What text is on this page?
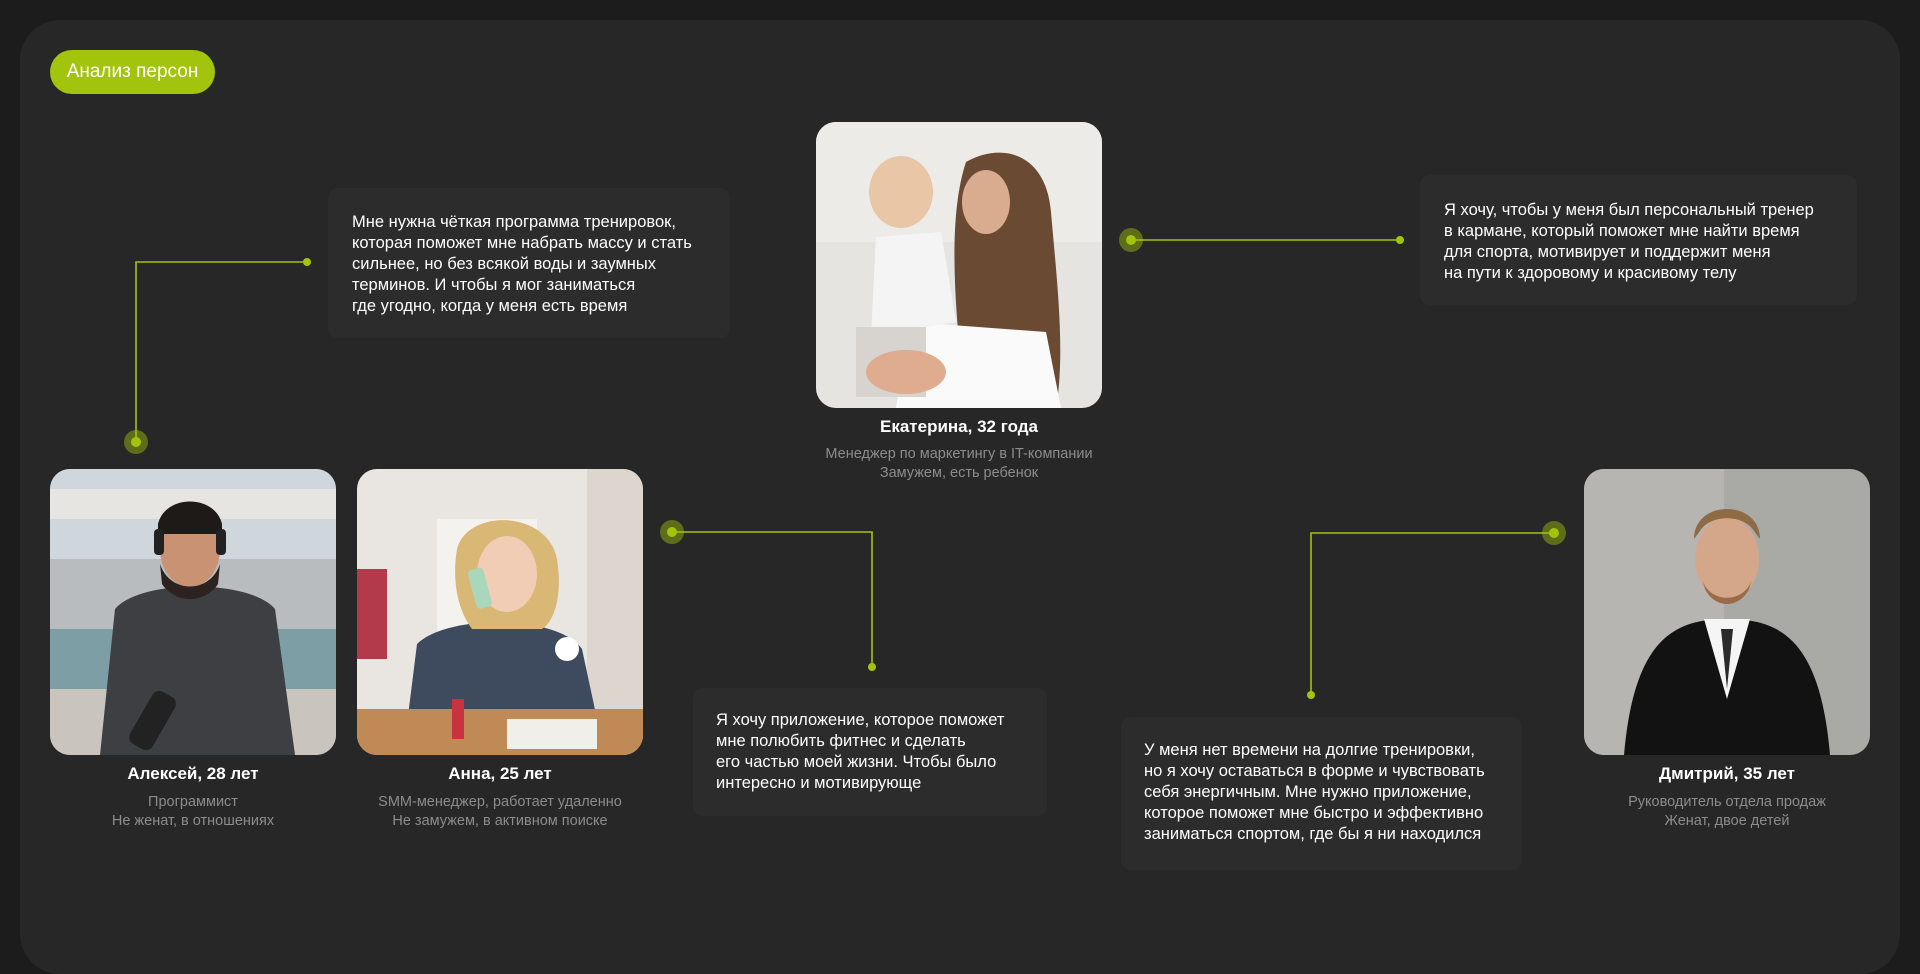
Анализ персон
Екатерина, 32 года
Менеджер по маркетингу в IT-компании
Замужем, есть ребенок
Я хочу, чтобы у меня был персональный тренер
в кармане, который поможет мне найти время
для спорта, мотивирует и поддержит меня
на пути к здоровому и красивому телу
Алексей, 28 лет
Программист
Не женат, в отношениях
Мне нужна чёткая программа тренировок,
которая поможет мне набрать массу и стать
сильнее, но без всякой воды и заумных
терминов. И чтобы я мог заниматься
где угодно, когда у меня есть время
Анна, 25 лет
SMM-менеджер, работает удаленно
Не замужем, в активном поиске
Я хочу приложение, которое поможет
мне полюбить фитнес и сделать
его частью моей жизни. Чтобы было
интересно и мотивирующе	Дмитрий, 35 лет
Руководитель отдела продаж
Женат, двое детей
У меня нет времени на долгие тренировки,
но я хочу оставаться в форме и чувствовать
себя энергичным. Мне нужно приложение,
которое поможет мне быстро и эффективно
заниматься спортом, где бы я ни находился
